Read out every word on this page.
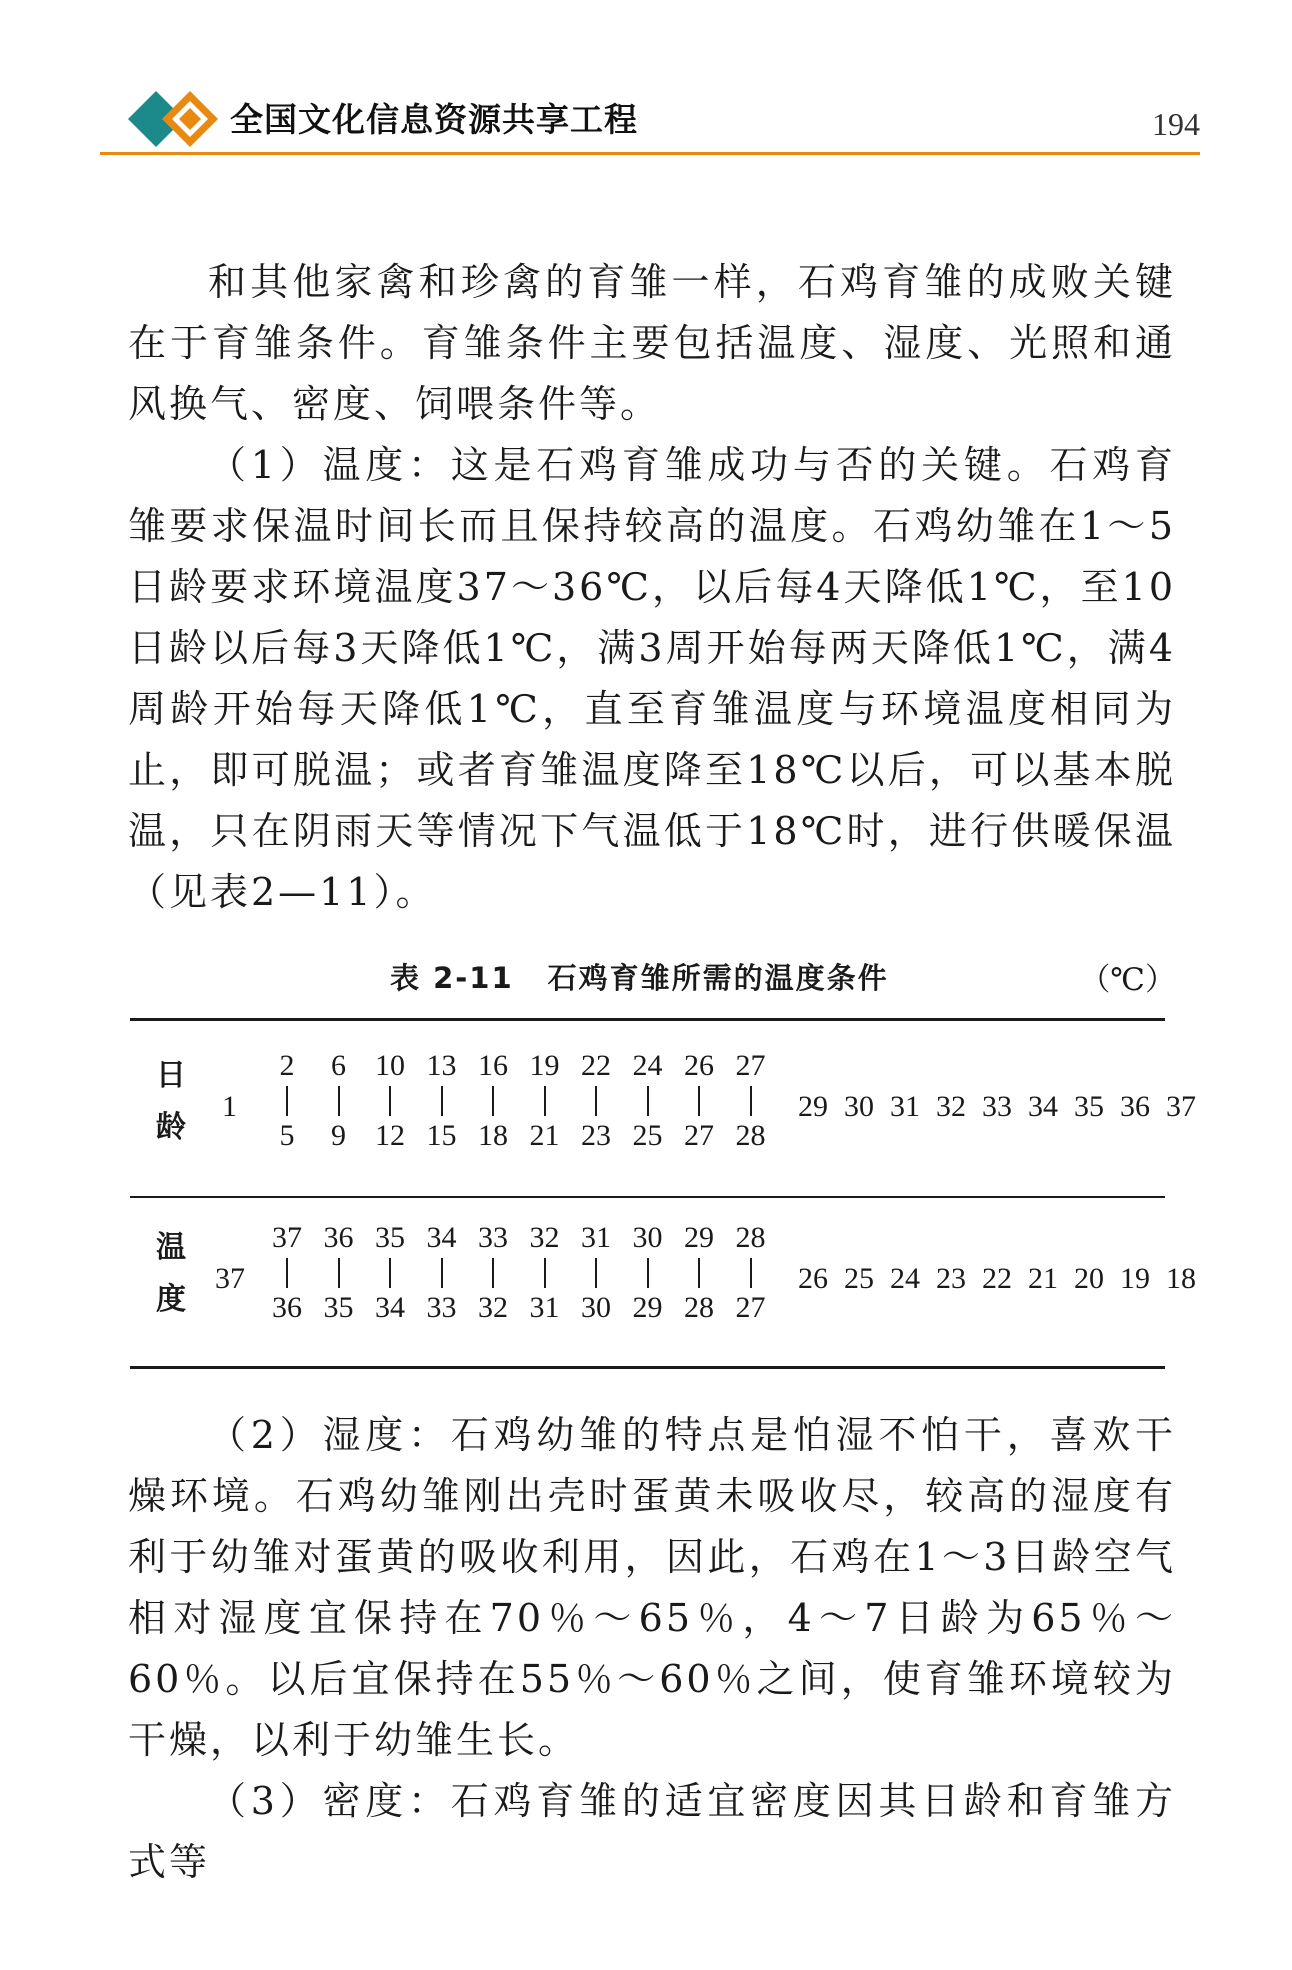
全国文化信息资源共享工程	194

和其他家禽和珍禽的育雏一样，石鸡育雏的成败关键在于育雏条件。育雏条件主要包括温度、湿度、光照和通风换气、密度、饲喂条件等。

（1）温度：这是石鸡育雏成功与否的关键。石鸡育雏要求保温时间长而且保持较高的温度。石鸡幼雏在1～5日龄要求环境温度37～36℃，以后每4天降低1℃，至10日龄以后每3天降低1℃，满3周开始每两天降低1℃，满4周龄开始每天降低1℃，直至育雏温度与环境温度相同为止，即可脱温；或者育雏温度降至18℃以后，可以基本脱温，只在阴雨天等情况下气温低于18℃时，进行供暖保温（见表2—11）。

表 2-11 石鸡育雏所需的温度条件	（℃）
日
龄
1
2
5
6
9
10
12
13
15
16
18
19
21
22
23
24
25
26
27
27
28
29 30 31 32 33 34 35 36 37
温
度
37
37
36
36
35
35
34
34
33
33
32
32
31
31
30
30
29
29
28
28
27
26 25 24 23 22 21 20 19 18

（2）湿度：石鸡幼雏的特点是怕湿不怕干，喜欢干燥环境。石鸡幼雏刚出壳时蛋黄未吸收尽，较高的湿度有利于幼雏对蛋黄的吸收利用，因此，石鸡在1～3日龄空气相对湿度宜保持在70％～65％，4～7日龄为65％～60％。以后宜保持在55％～60％之间，使育雏环境较为干燥，以利于幼雏生长。

（3）密度：石鸡育雏的适宜密度因其日龄和育雏方式等
